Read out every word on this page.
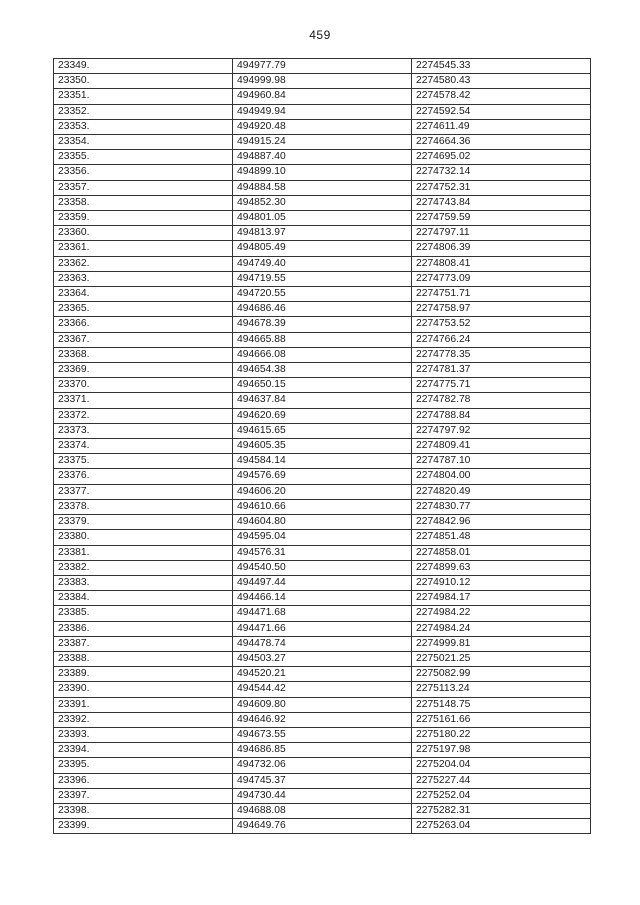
459
23349.	494977.79	2274545.33
23350.	494999.98	2274580.43
23351.	494960.84	2274578.42
23352.	494949.94	2274592.54
23353.	494920.48	2274611.49
23354.	494915.24	2274664.36
23355.	494887.40	2274695.02
23356.	494899.10	2274732.14
23357.	494884.58	2274752.31
23358.	494852.30	2274743.84
23359.	494801.05	2274759.59
23360.	494813.97	2274797.11
23361.	494805.49	2274806.39
23362.	494749.40	2274808.41
23363.	494719.55	2274773.09
23364.	494720.55	2274751.71
23365.	494686.46	2274758.97
23366.	494678.39	2274753.52
23367.	494665.88	2274766.24
23368.	494666.08	2274778.35
23369.	494654.38	2274781.37
23370.	494650.15	2274775.71
23371.	494637.84	2274782.78
23372.	494620.69	2274788.84
23373.	494615.65	2274797.92
23374.	494605.35	2274809.41
23375.	494584.14	2274787.10
23376.	494576.69	2274804.00
23377.	494606.20	2274820.49
23378.	494610.66	2274830.77
23379.	494604.80	2274842.96
23380.	494595.04	2274851.48
23381.	494576.31	2274858.01
23382.	494540.50	2274899.63
23383.	494497.44	2274910.12
23384.	494466.14	2274984.17
23385.	494471.68	2274984.22
23386.	494471.66	2274984.24
23387.	494478.74	2274999.81
23388.	494503.27	2275021.25
23389.	494520.21	2275082.99
23390.	494544.42	2275113.24
23391.	494609.80	2275148.75
23392.	494646.92	2275161.66
23393.	494673.55	2275180.22
23394.	494686.85	2275197.98
23395.	494732.06	2275204.04
23396.	494745.37	2275227.44
23397.	494730.44	2275252.04
23398.	494688.08	2275282.31
23399.	494649.76	2275263.04
